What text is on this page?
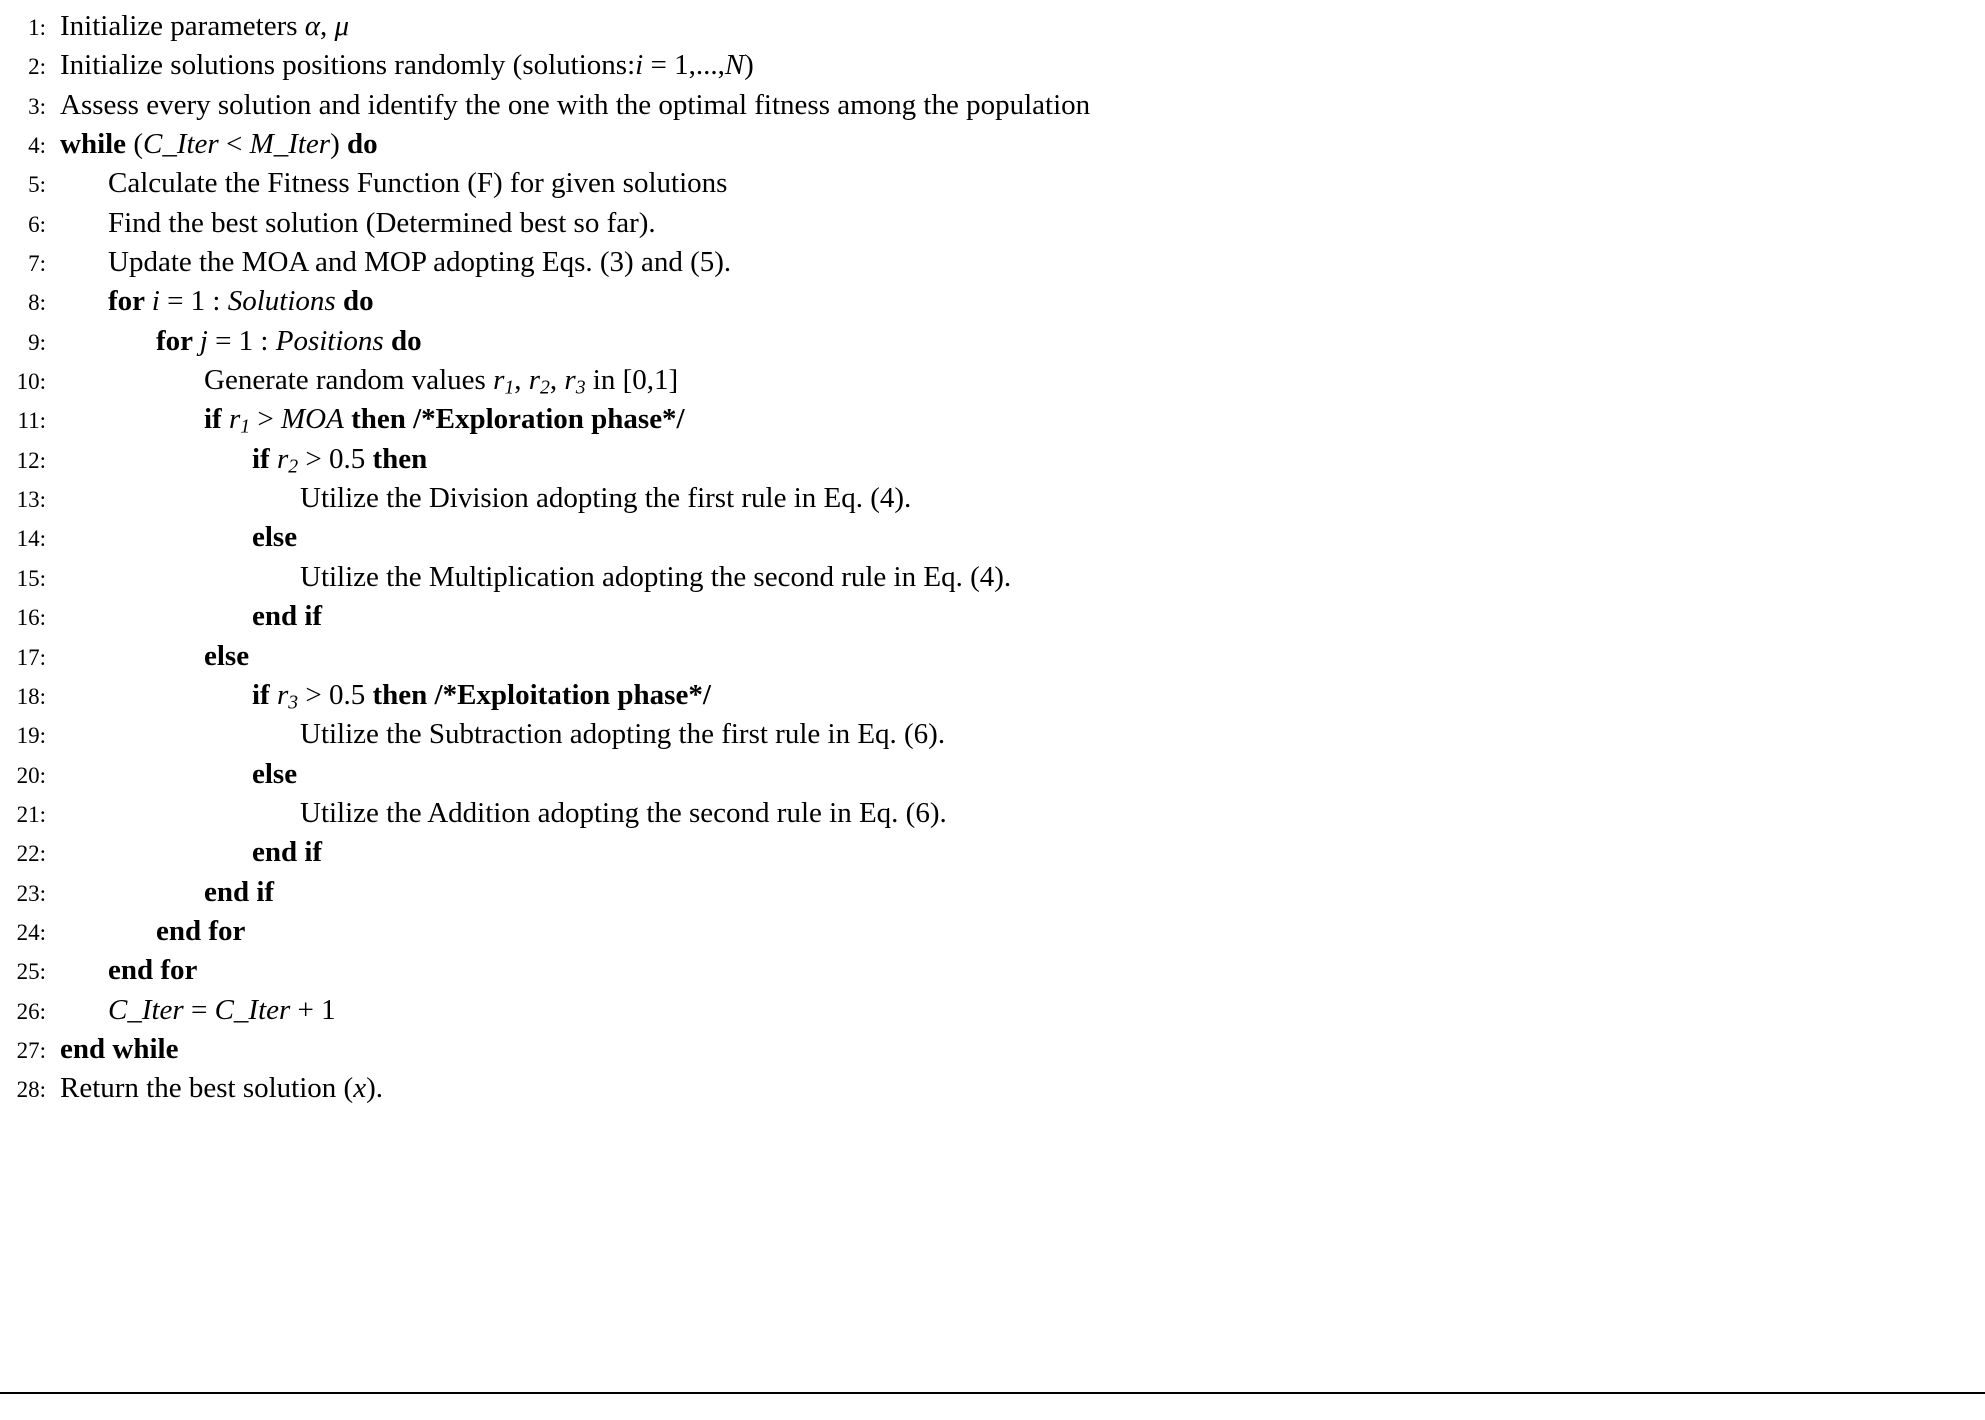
1: Initialize parameters α, μ
2: Initialize solutions positions randomly (solutions:i = 1,...,N)
3: Assess every solution and identify the one with the optimal fitness among the population
4: while (C_Iter < M_Iter) do
5:	Calculate the Fitness Function (F) for given solutions
6:	Find the best solution (Determined best so far).
7:	Update the MOA and MOP adopting Eqs. (3) and (5).
8:	for i = 1 : Solutions do
9:	for j = 1 : Positions do
10:	Generate random values r1, r2, r3 in [0,1]
11:	if r1 > MOA then /*Exploration phase*/
12:	if r2 > 0.5 then
13:	Utilize the Division adopting the first rule in Eq. (4).
14:	else
15:	Utilize the Multiplication adopting the second rule in Eq. (4).
16:	end if
17:	else
18:	if r3 > 0.5 then /*Exploitation phase*/
19:	Utilize the Subtraction adopting the first rule in Eq. (6).
20:	else
21:	Utilize the Addition adopting the second rule in Eq. (6).
22:	end if
23:	end if
24:	end for
25:	end for
26:	C_Iter = C_Iter + 1
27: end while
28: Return the best solution (x).
